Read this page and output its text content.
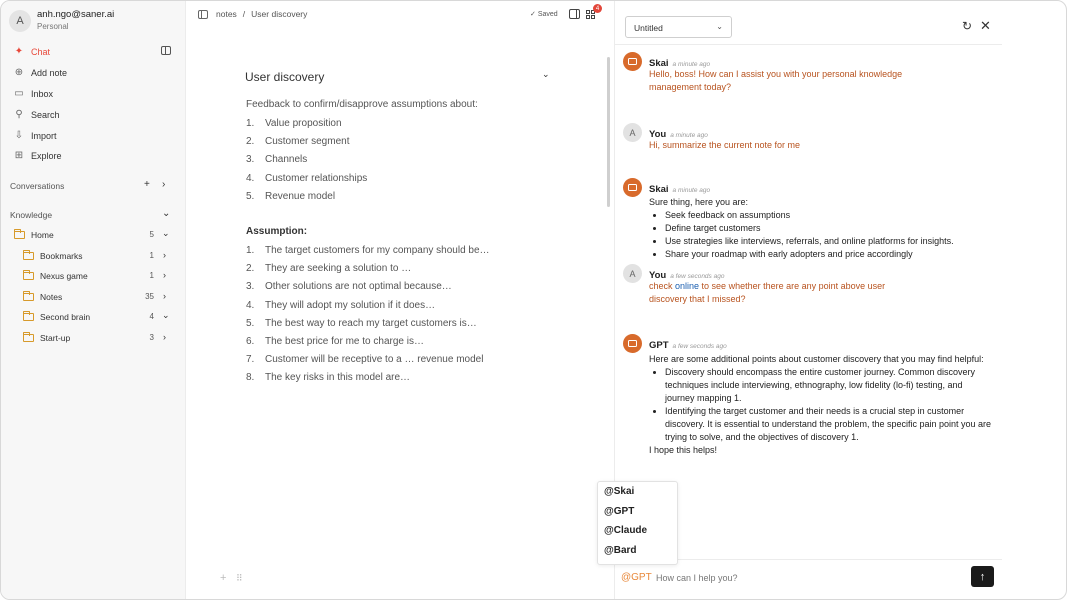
A
anh.ngo@saner.ai
Personal
✦ Chat
⊕ Add note
▭ Inbox
⚲ Search
⇩ Import
⊞ Explore
Conversations	+ ›
Knowledge	⌄
Home	5 ⌄
Bookmarks	1 ›
Nexus game	1 ›
Notes	35 ›
Second brain	4 ⌄
Start-up	3 ›
notes / User discovery	✓ Saved
4
User discovery	⌄
Feedback to confirm/disapprove assumptions about:
1. Value proposition
2. Customer segment
3. Channels
4. Customer relationships
5. Revenue model
Assumption:
1. The target customers for my company should be…
2. They are seeking a solution to …
3. Other solutions are not optimal because…
4. They will adopt my solution if it does…
5. The best way to reach my target customers is…
6. The best price for me to charge is…
7. Customer will be receptive to a … revenue model
8. The key risks in this model are…
+ ⠿
Untitled	⌄	↻ ✕
Skai a minute ago
Hello, boss! How can I assist you with your personal knowledge management today?
A	You a minute ago
Hi, summarize the current note for me
Skai a minute ago
Sure thing, here you are:
• Seek feedback on assumptions
• Define target customers
• Use strategies like interviews, referrals, and online platforms for insights.
• Share your roadmap with early adopters and price accordingly
A	You a few seconds ago
check online to see whether there are any point above user discovery that I missed?
GPT a few seconds ago
Here are some additional points about customer discovery that you may find helpful:
• Discovery should encompass the entire customer journey. Common discovery techniques include interviewing, ethnography, low fidelity (lo-fi) testing, and journey mapping 1.
• Identifying the target customer and their needs is a crucial step in customer discovery. It is essential to understand the problem, the specific pain point you are trying to solve, and the objectives of discovery 1.
I hope this helps!
@GPT
How can I help you?	↑
@Skai
@GPT
@Claude
@Bard
